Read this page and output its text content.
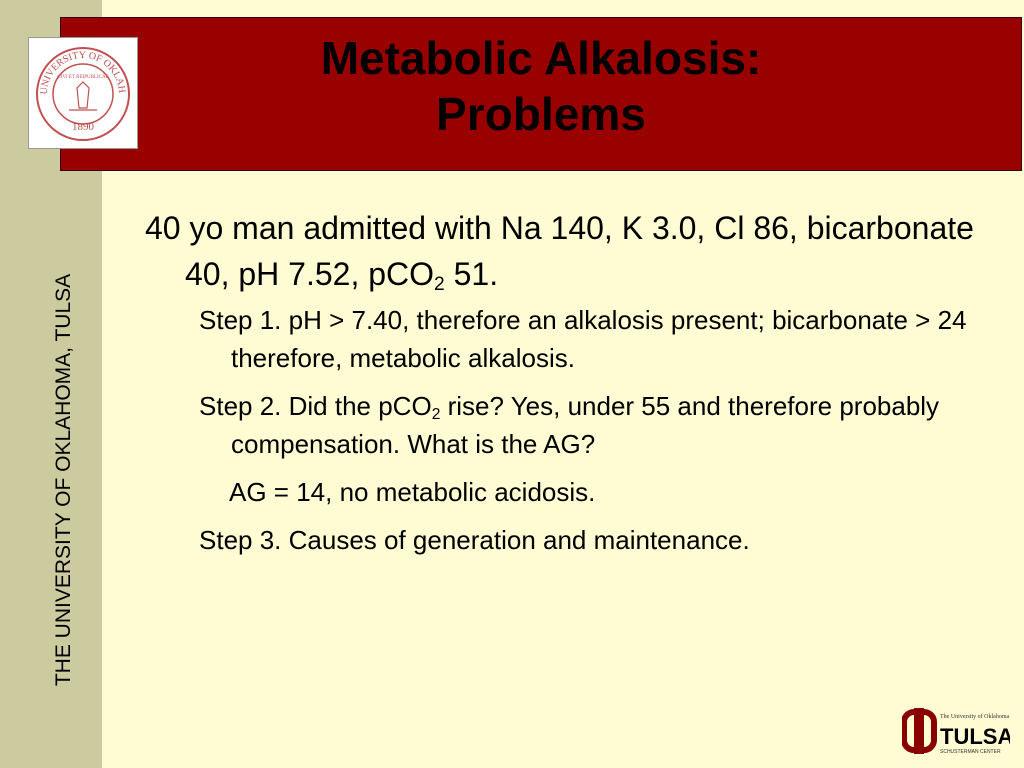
THE UNIVERSITY OF OKLAHOMA, TULSA
UNIVERSITY OF OKLAH
CIVI ET REIPUBLICAE
1890
Metabolic Alkalosis:
Problems

40 yo man admitted with Na 140, K 3.0, Cl 86, bicarbonate 40, pH 7.52, pCO$_2$ 51.

Step 1. pH > 7.40, therefore an alkalosis present; bicarbonate > 24 therefore, metabolic alkalosis.

Step 2. Did the pCO$_2$ rise? Yes, under 55 and therefore probably compensation. What is the AG?

AG = 14, no metabolic acidosis.

Step 3. Causes of generation and maintenance.

The University of Oklahoma
TULSA
SCHUSTERMAN CENTER
